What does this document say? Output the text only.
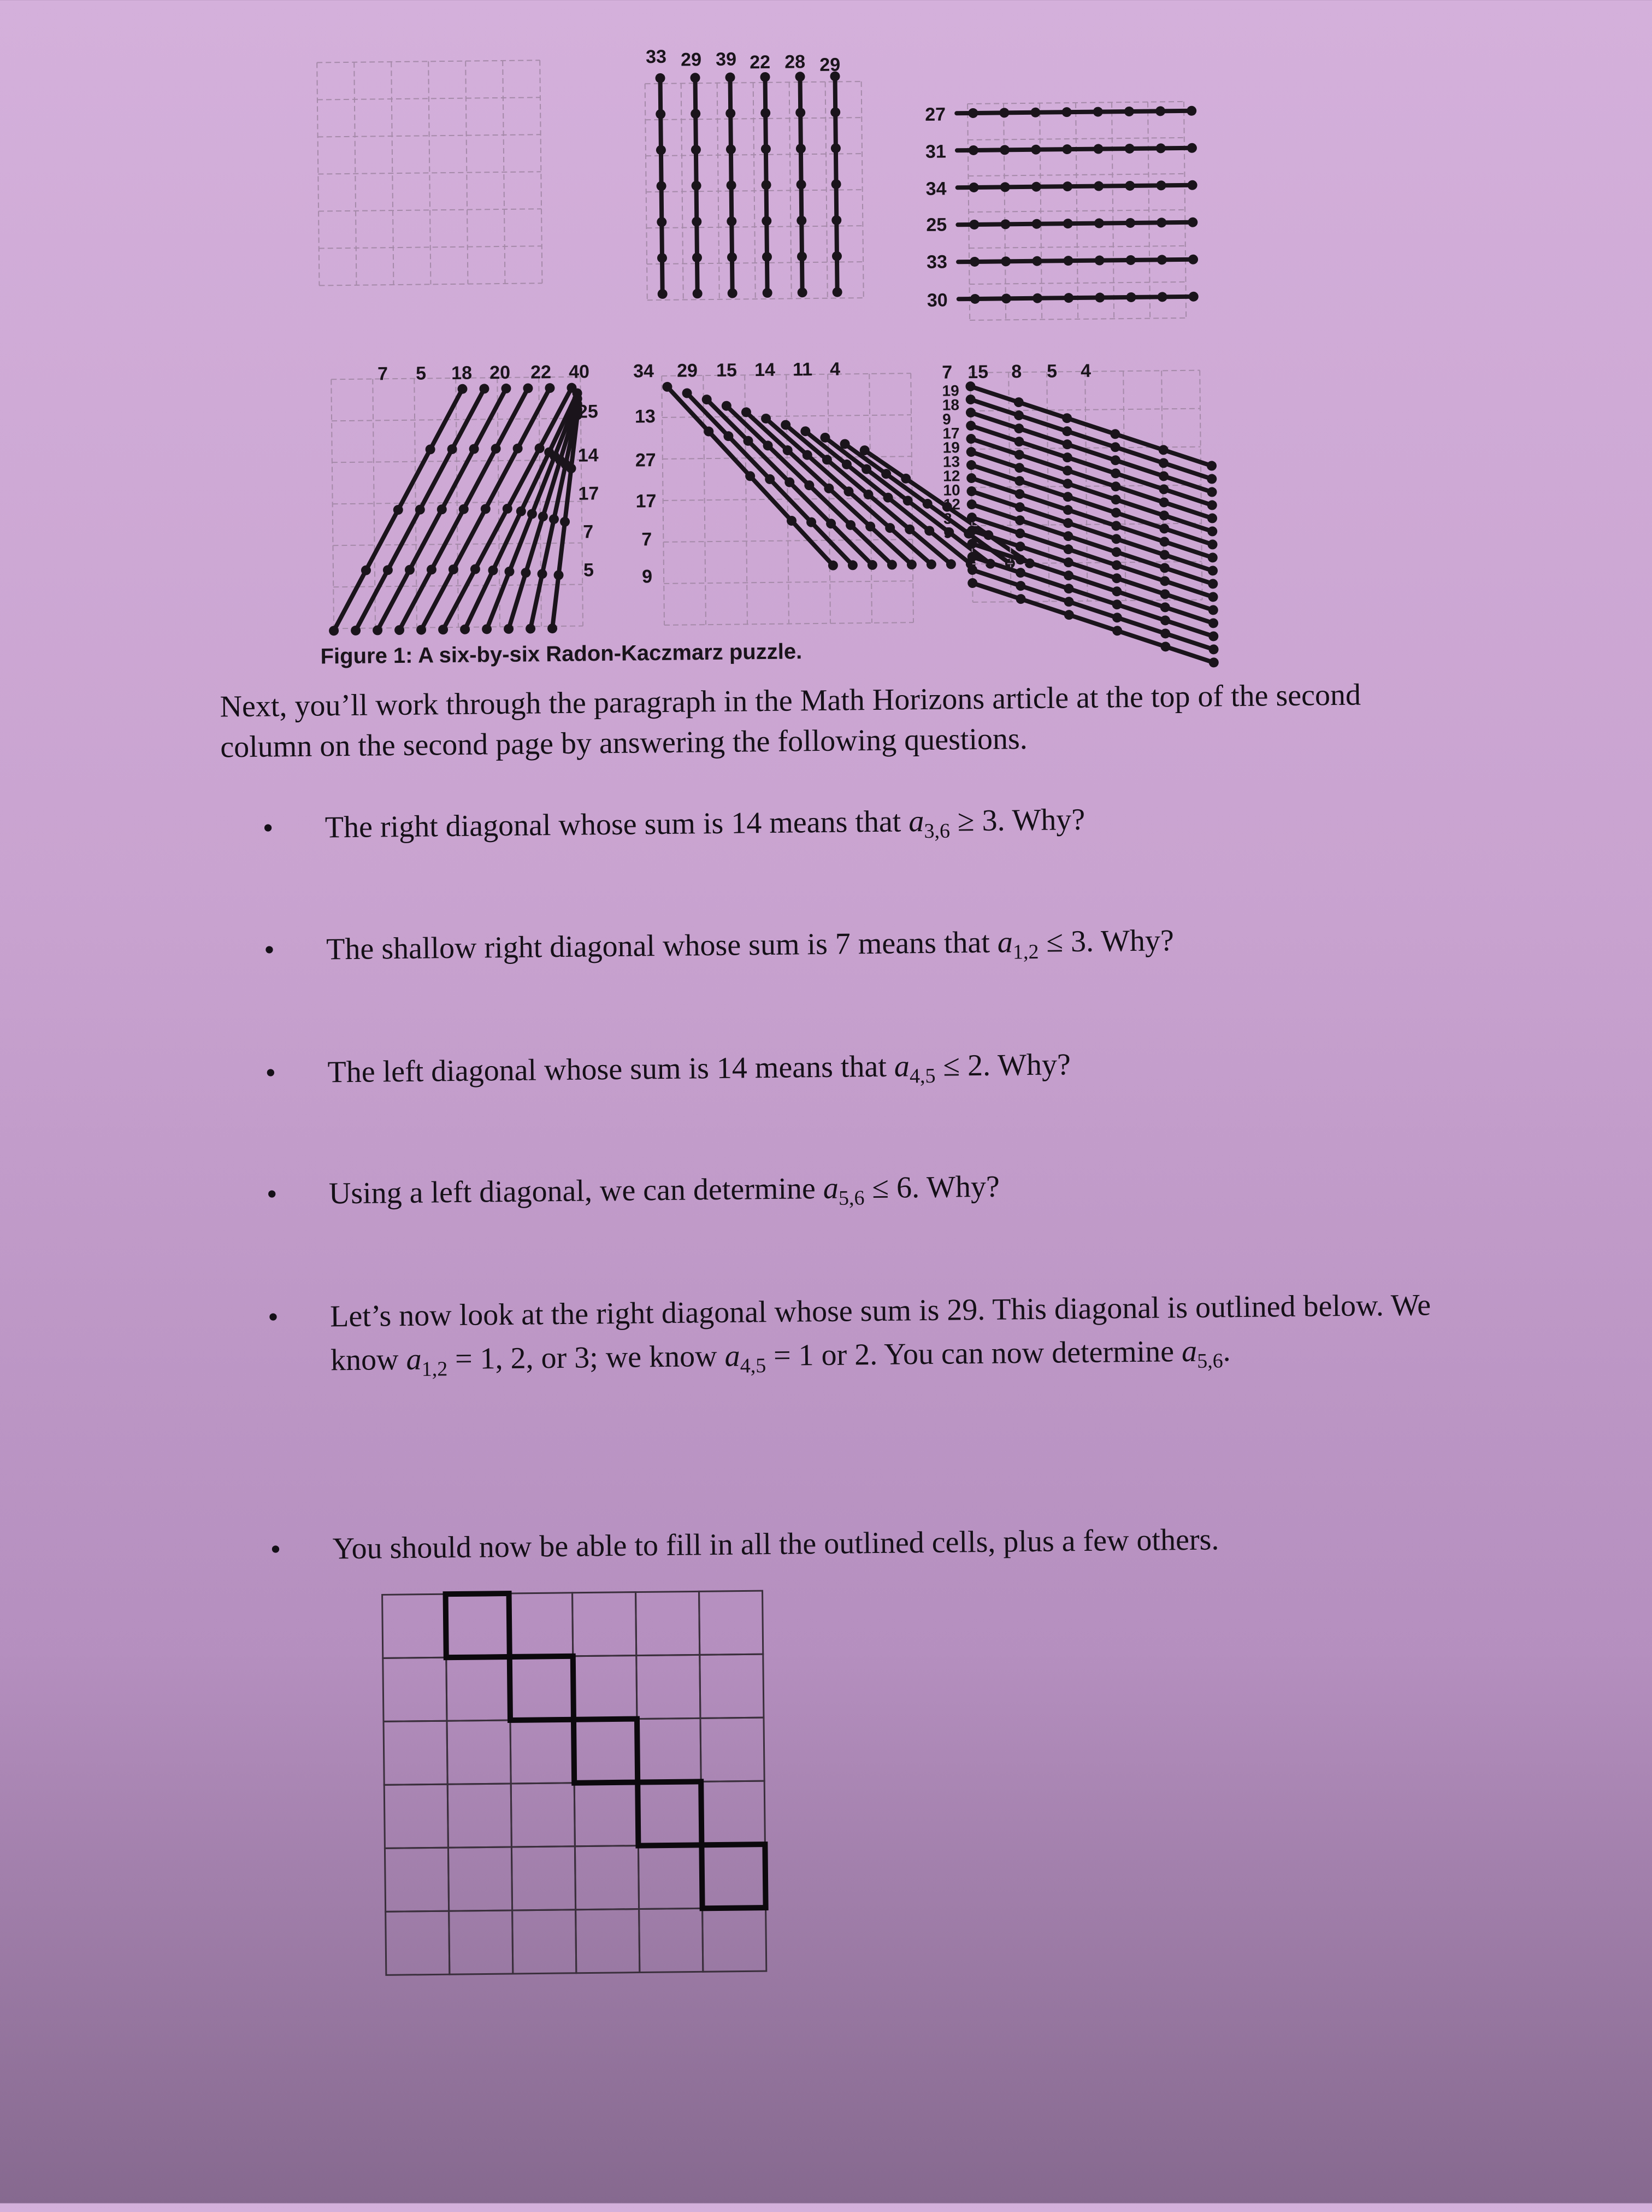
33 29 39 22 28 29
27
31
34
25
33
30
7 5 18 20 22 40
25
14
17
7
5
34 29 15 14 11 4
13
27
17
7
9
7 15 8 5 4
19
18
9
17
19
13
12
10
12
3
9
Figure 1: A six-by-six Radon-Kaczmarz puzzle.
Next, you’ll work through the paragraph in the Math Horizons article at the top of the second column on the second page by answering the following questions.
• The right diagonal whose sum is 14 means that $a_{3,6} \ge 3$. Why?
• The shallow right diagonal whose sum is 7 means that $a_{1,2} \le 3$. Why?
• The left diagonal whose sum is 14 means that $a_{4,5} \le 2$. Why?
• Using a left diagonal, we can determine $a_{5,6} \le 6$. Why?
• Let’s now look at the right diagonal whose sum is 29. This diagonal is outlined below. We know $a_{1,2} = 1$, 2, or 3; we know $a_{4,5} = 1$ or 2. You can now determine $a_{5,6}$.
• You should now be able to fill in all the outlined cells, plus a few others.
